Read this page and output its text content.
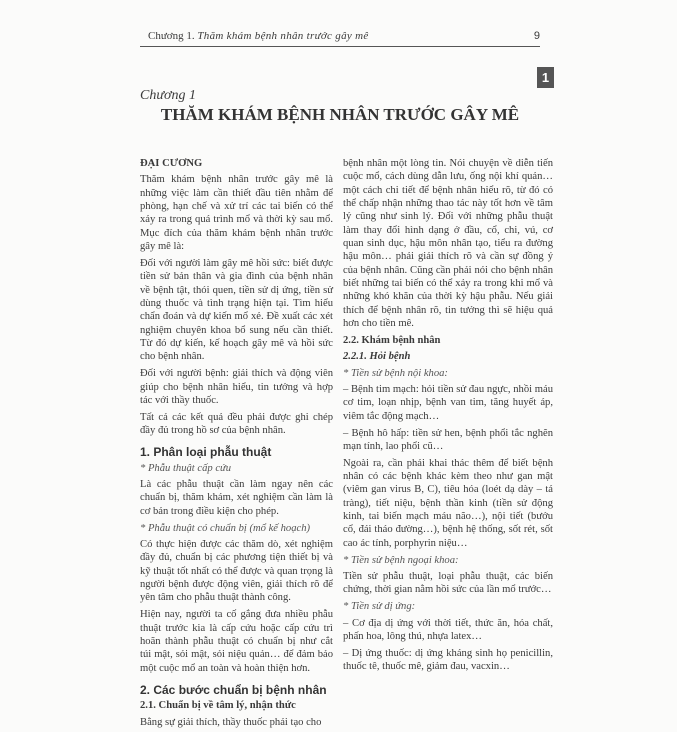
Chương 1. Thăm khám bệnh nhân trước gây mê	9
1
Chương 1
THĂM KHÁM BỆNH NHÂN TRƯỚC GÂY MÊ
ĐẠI CƯƠNG

Thăm khám bệnh nhân trước gây mê là những việc làm cần thiết đầu tiên nhằm để phòng, hạn chế và xử trí các tai biến có thể xảy ra trong quá trình mổ và thời kỳ sau mổ. Mục đích của thăm khám bệnh nhân trước gây mê là:

Đối với người làm gây mê hồi sức: biết được tiền sử bản thân và gia đình của bệnh nhân về bệnh tật, thói quen, tiền sử dị ứng, tiền sử dùng thuốc và tình trạng hiện tại. Tìm hiểu chẩn đoán và dự kiến mổ xẻ. Đề xuất các xét nghiệm chuyên khoa bổ sung nếu cần thiết. Từ đó dự kiến, kế hoạch gây mê và hồi sức cho bệnh nhân.

Đối với người bệnh: giải thích và động viên giúp cho bệnh nhân hiểu, tin tưởng và hợp tác với thầy thuốc.

Tất cả các kết quả đều phải được ghi chép đầy đủ trong hồ sơ của bệnh nhân.

1. Phân loại phẫu thuật
* Phẫu thuật cấp cứu

Là các phẫu thuật cần làm ngay nên các chuẩn bị, thăm khám, xét nghiệm cần làm là cơ bản trong điều kiện cho phép.

* Phẫu thuật có chuẩn bị (mổ kế hoạch)

Có thực hiện được các thăm dò, xét nghiệm đầy đủ, chuẩn bị các phương tiện thiết bị và kỹ thuật tốt nhất có thể được và quan trọng là người bệnh được động viên, giải thích rõ để yên tâm cho phẫu thuật thành công.

Hiện nay, người ta cố gắng đưa nhiều phẫu thuật trước kia là cấp cứu hoặc cấp cứu trì hoãn thành phẫu thuật có chuẩn bị như cắt túi mật, sỏi mật, sỏi niệu quản… để đảm bảo một cuộc mổ an toàn và hoàn thiện hơn.

2. Các bước chuẩn bị bệnh nhân
2.1. Chuẩn bị về tâm lý, nhận thức

Bằng sự giải thích, thầy thuốc phải tạo cho

bệnh nhân một lòng tin. Nói chuyện về diễn tiến cuộc mổ, cách dùng dẫn lưu, ống nội khí quản… một cách chi tiết để bệnh nhân hiểu rõ, từ đó có thể chấp nhận những thao tác này tốt hơn về tâm lý cũng như sinh lý. Đối với những phẫu thuật làm thay đổi hình dạng ở đầu, cổ, chi, vú, cơ quan sinh dục, hậu môn nhân tạo, tiểu ra đường hậu môn… phải giải thích rõ và cần sự đồng ý của bệnh nhân. Cũng cần phải nói cho bệnh nhân biết những tai biến có thể xảy ra trong khi mổ và những khó khăn của thời kỳ hậu phẫu. Nếu giải thích để bệnh nhân rõ, tin tưởng thì sẽ hiệu quả hơn cho tiền mê.

2.2. Khám bệnh nhân
2.2.1. Hỏi bệnh
* Tiền sử bệnh nội khoa:

– Bệnh tim mạch: hỏi tiền sử đau ngực, nhồi máu cơ tim, loạn nhịp, bệnh van tim, tăng huyết áp, viêm tắc động mạch…

– Bệnh hô hấp: tiền sử hen, bệnh phổi tắc nghẽn mạn tính, lao phổi cũ…

Ngoài ra, cần phải khai thác thêm để biết bệnh nhân có các bệnh khác kèm theo như gan mật (viêm gan virus B, C), tiêu hóa (loét dạ dày – tá tràng), tiết niệu, bệnh thần kinh (tiền sử động kinh, tai biến mạch máu não…), nội tiết (bướu cổ, đái tháo đường…), bệnh hệ thống, sốt rét, sốt cao ác tính, porphyrin niệu…

* Tiền sử bệnh ngoại khoa:

Tiền sử phẫu thuật, loại phẫu thuật, các biến chứng, thời gian nằm hồi sức của lần mổ trước…

* Tiền sử dị ứng:

– Cơ địa dị ứng với thời tiết, thức ăn, hóa chất, phấn hoa, lông thú, nhựa latex…

– Dị ứng thuốc: dị ứng kháng sinh họ penicillin, thuốc tê, thuốc mê, giảm đau, vacxin…
